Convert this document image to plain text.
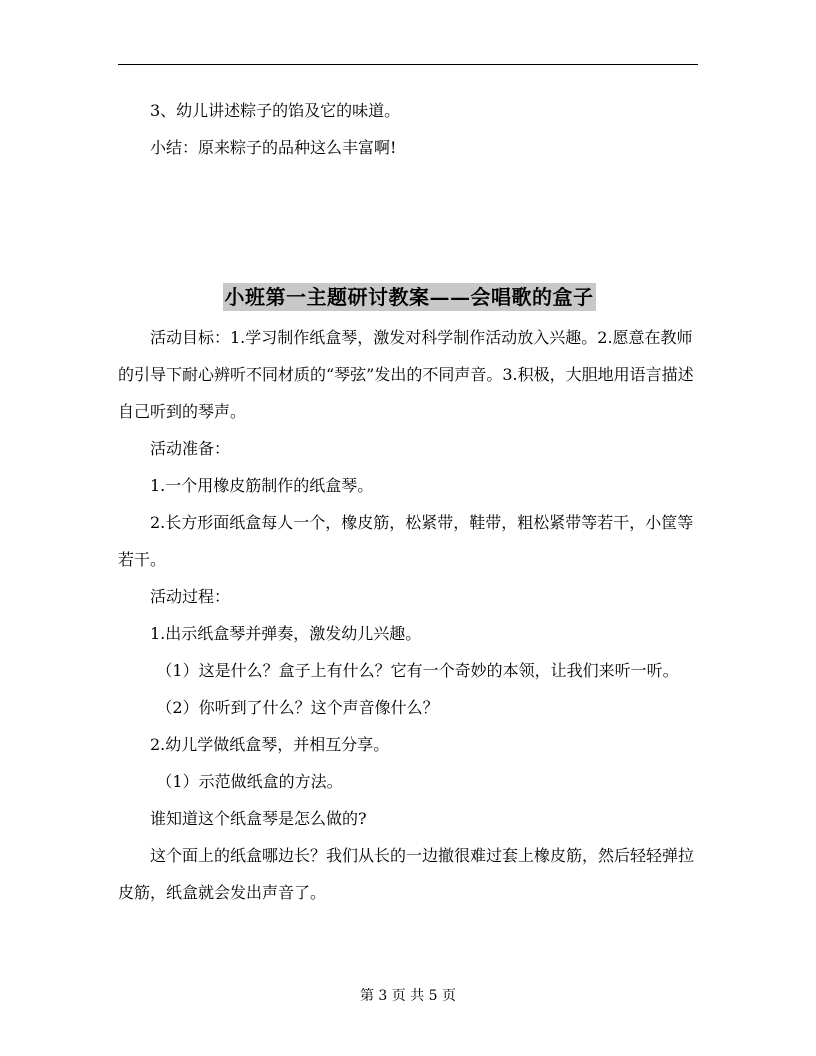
3、幼儿讲述粽子的馅及它的味道。

小结：原来粽子的品种这么丰富啊!

小班第一主题研讨教案——会唱歌的盒子

活动目标：1.学习制作纸盒琴，激发对科学制作活动放入兴趣。2.愿意在教师的引导下耐心辨听不同材质的“琴弦”发出的不同声音。3.积极，大胆地用语言描述自己听到的琴声。

活动准备：

1.一个用橡皮筋制作的纸盒琴。

2.长方形面纸盒每人一个，橡皮筋，松紧带，鞋带，粗松紧带等若干，小筐等若干。

活动过程：

1.出示纸盒琴并弹奏，激发幼儿兴趣。

（1）这是什么？盒子上有什么？它有一个奇妙的本领，让我们来听一听。

（2）你听到了什么？这个声音像什么？

2.幼儿学做纸盒琴，并相互分享。

（1）示范做纸盒的方法。

谁知道这个纸盒琴是怎么做的?

这个面上的纸盒哪边长？我们从长的一边撤很难过套上橡皮筋，然后轻轻弹拉皮筋，纸盒就会发出声音了。

第 3 页 共 5 页
